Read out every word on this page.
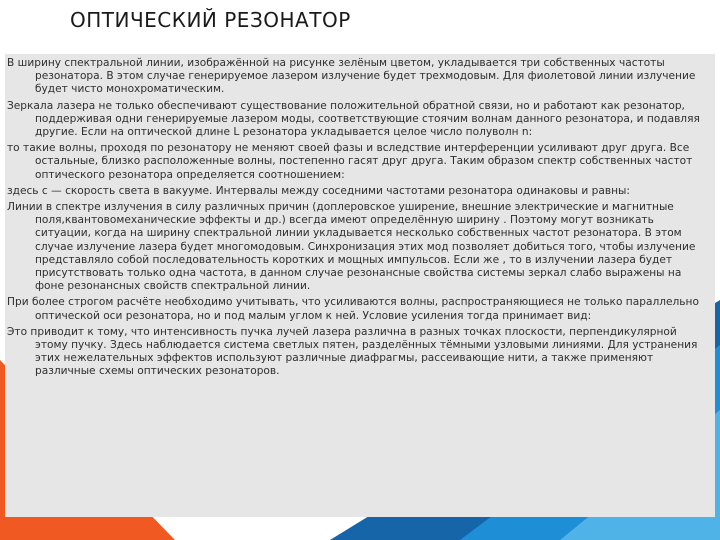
ОПТИЧЕСКИЙ РЕЗОНАТОР

В ширину спектральной линии, изображённой на рисунке зелёным цветом, укладывается три собственных частоты резонатора. В этом случае генерируемое лазером излучение будет трехмодовым. Для фиолетовой линии излучение будет чисто монохроматическим.

Зеркала лазера не только обеспечивают существование положительной обратной связи, но и работают как резонатор, поддерживая одни генерируемые лазером моды, соответствующие стоячим волнам данного резонатора, и подавляя другие. Если на оптической длине L резонатора укладывается целое число полуволн n:

то такие волны, проходя по резонатору не меняют своей фазы и вследствие интерференции усиливают друг друга. Все остальные, близко расположенные волны, постепенно гасят друг друга. Таким образом спектр собственных частот оптического резонатора определяется соотношением:

здесь c — скорость света в вакууме. Интервалы между соседними частотами резонатора одинаковы и равны:

Линии в спектре излучения в силу различных причин (доплеровское уширение, внешние электрические и магнитные поля,квантовомеханические эффекты и др.) всегда имеют определённую ширину . Поэтому могут возникать ситуации, когда на ширину спектральной линии укладывается несколько собственных частот резонатора. В этом случае излучение лазера будет многомодовым. Синхронизация этих мод позволяет добиться того, чтобы излучение представляло собой последовательность коротких и мощных импульсов. Если же , то в излучении лазера будет присутствовать только одна частота, в данном случае резонансные свойства системы зеркал слабо выражены на фоне резонансных свойств спектральной линии.

При более строгом расчёте необходимо учитывать, что усиливаются волны, распространяющиеся не только параллельно оптической оси резонатора, но и под малым углом к ней. Условие усиления тогда принимает вид:

Это приводит к тому, что интенсивность пучка лучей лазера различна в разных точках плоскости, перпендикулярной этому пучку. Здесь наблюдается система светлых пятен, разделённых тёмными узловыми линиями. Для устранения этих нежелательных эффектов используют различные диафрагмы, рассеивающие нити, а также применяют различные схемы оптических резонаторов.
